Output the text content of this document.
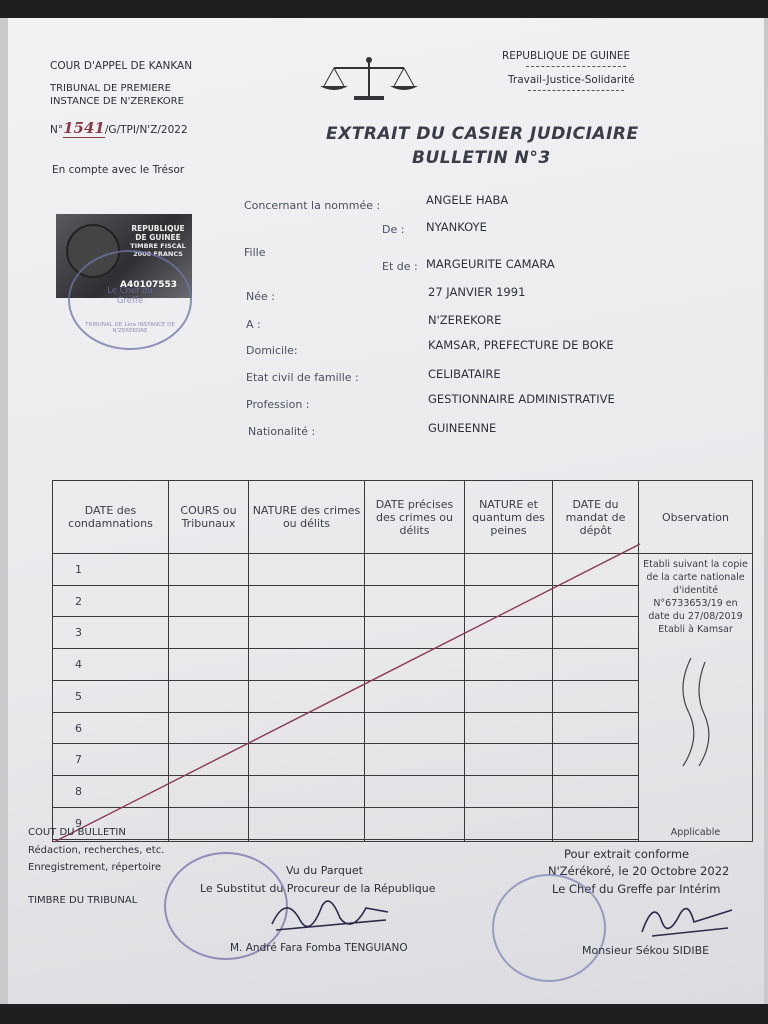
COUR D'APPEL DE KANKAN
TRIBUNAL DE PREMIERE
INSTANCE DE N'ZEREKORE
N°1541/G/TPI/N'Z/2022
En compte avec le Trésor
REPUBLIQUE DE GUINEE
Travail-Justice-Solidarité
EXTRAIT DU CASIER JUDICIAIRE
BULLETIN N°3
REPUBLIQUE
DE GUINEE
TIMBRE FISCAL
2000 FRANCS
A40107553
Le Chef du Greffe
TRIBUNAL DE 1ère INSTANCE DE N'ZEREKORE
Concernant la nommée :	ANGELE HABA
De : NYANKOYE
Fille
Et de : MARGEURITE CAMARA
Née :	27 JANVIER 1991
A :	N'ZEREKORE
Domicile:	KAMSAR, PREFECTURE DE BOKE
Etat civil de famille :	CELIBATAIRE
Profession :	GESTIONNAIRE ADMINISTRATIVE
Nationalité :	GUINEENNE
DATE des condamnations	COURS ou Tribunaux	NATURE des crimes ou délits	DATE précises des crimes ou délits	NATURE et quantum des peines	DATE du mandat de dépôt	Observation
1						Etabli suivant la copie de la carte nationale d'identité N°6733653/19 en date du 27/08/2019 Etabli à Kamsar
Applicable

2						
3						
4						
5						
6						
7						
8						
9						

COUT DU BULLETIN
Rédaction, recherches, etc.
Enregistrement, répertoire
TIMBRE DU TRIBUNAL
Vu du Parquet
Le Substitut du Procureur de la République
M. André Fara Fomba TENGUIANO
Pour extrait conforme
N'Zérékoré, le 20 Octobre 2022
Le Chef du Greffe par Intérim
Monsieur Sékou SIDIBE
